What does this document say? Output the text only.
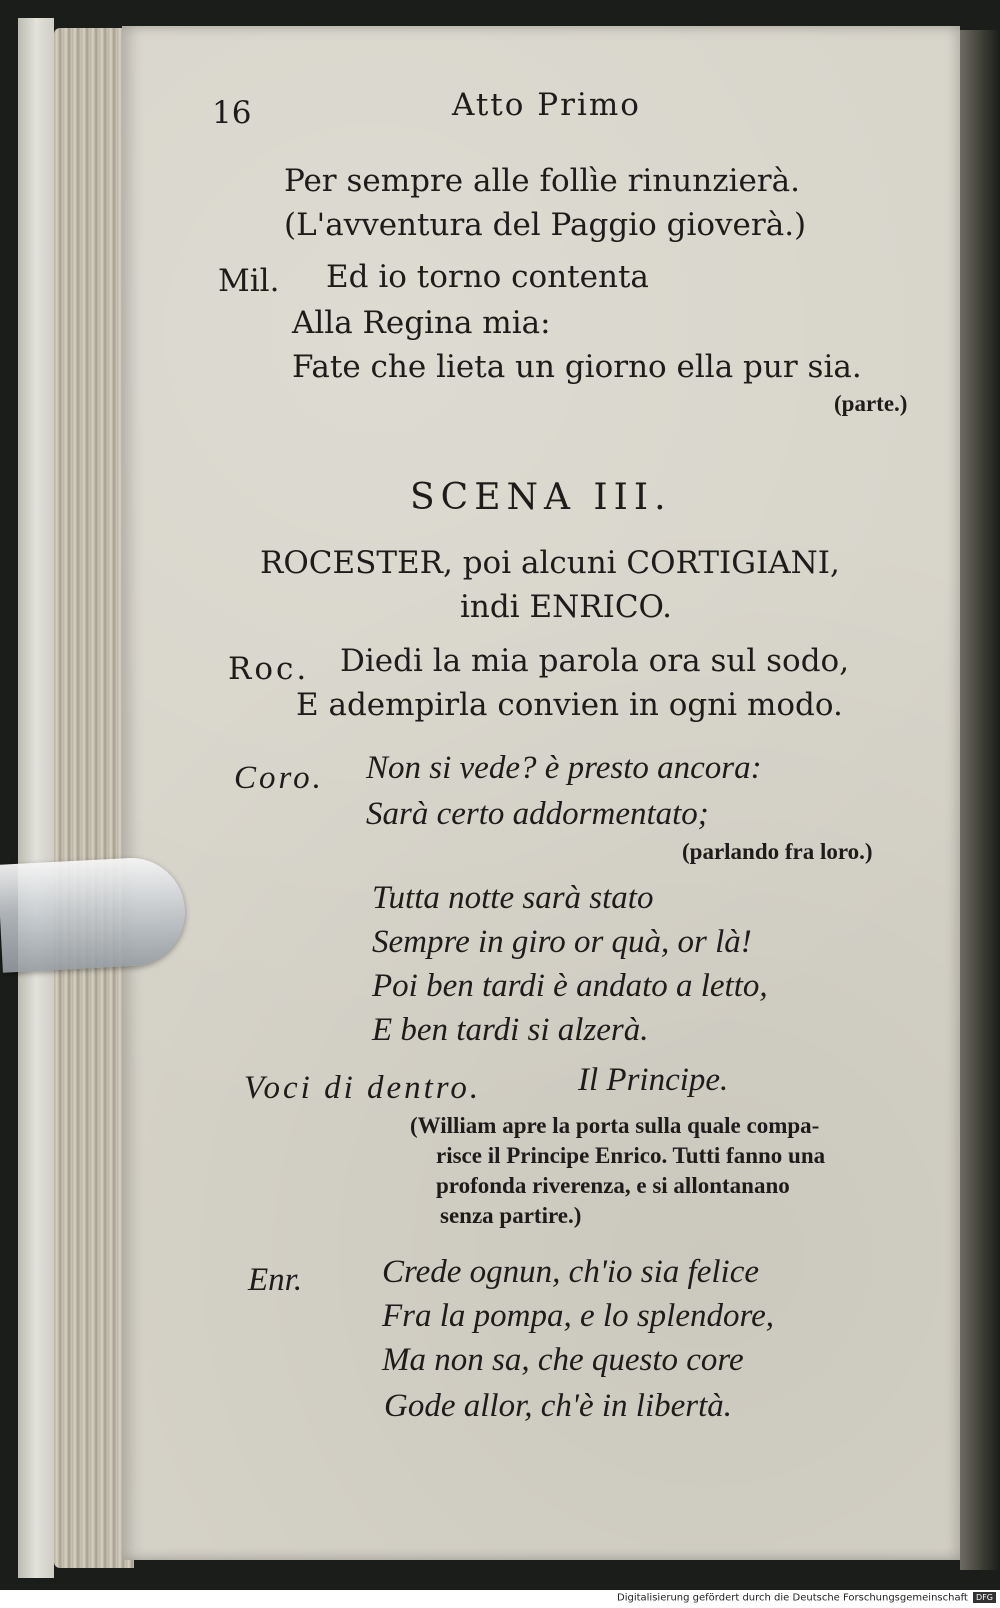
16	Atto Primo
Per sempre alle follìe rinunzierà.
(L'avventura del Paggio gioverà.)
Mil. Ed io torno contenta
Alla Regina mia:
Fate che lieta un giorno ella pur sia.
(parte.)
SCENA III.
ROCESTER, poi alcuni CORTIGIANI,
indi ENRICO.
Roc. Diedi la mia parola ora sul sodo,
E adempirla convien in ogni modo.
Coro. Non si vede? è presto ancora:
Sarà certo addormentato;
(parlando fra loro.)
Tutta notte sarà stato
Sempre in giro or quà, or là!
Poi ben tardi è andato a letto,
E ben tardi si alzerà.
Voci di dentro.	Il Principe.
(William apre la porta sulla quale compa-
risce il Principe Enrico. Tutti fanno una
profonda riverenza, e si allontanano
senza partire.)
Enr. Crede ognun, ch'io sia felice
Fra la pompa, e lo splendore,
Ma non sa, che questo core
Gode allor, ch'è in libertà.
Digitalisierung gefördert durch die Deutsche Forschungsgemeinschaft DFG
